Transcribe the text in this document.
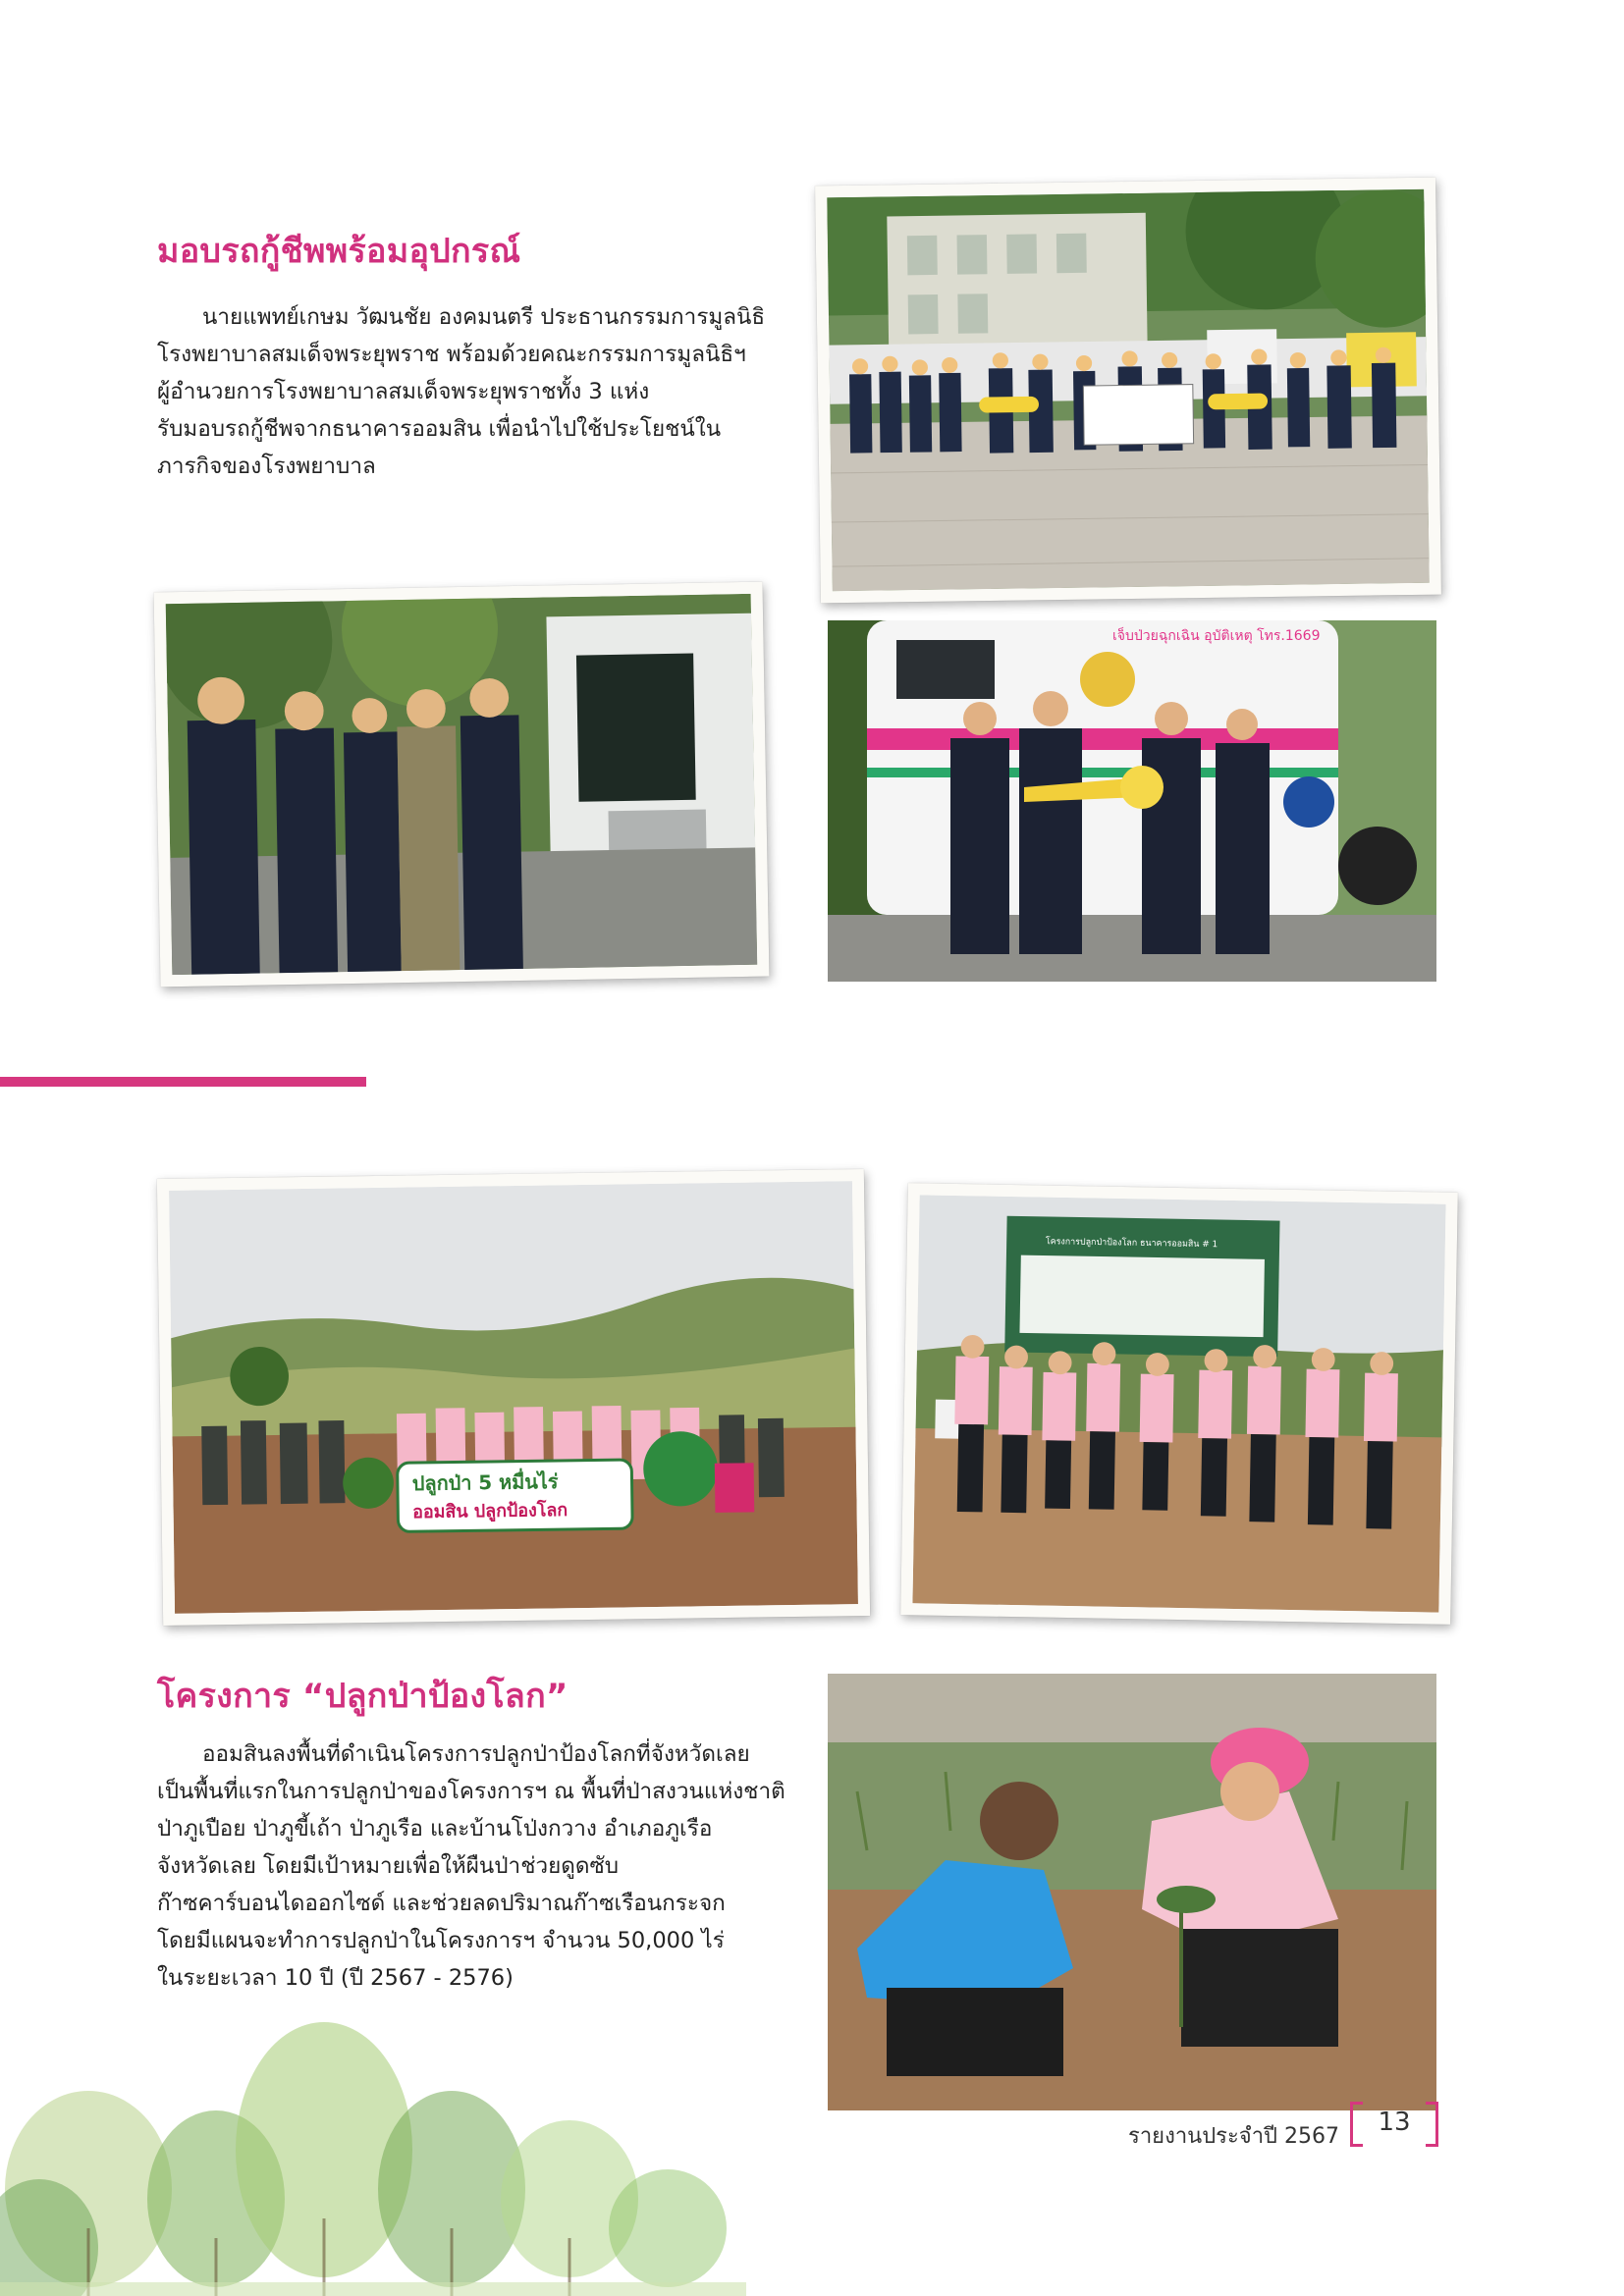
มอบรถกู้ชีพพร้อมอุปกรณ์
นายแพทย์เกษม วัฒนชัย องคมนตรี ประธานกรรมการมูลนิธิ
โรงพยาบาลสมเด็จพระยุพราช พร้อมด้วยคณะกรรมการมูลนิธิฯ
ผู้อำนวยการโรงพยาบาลสมเด็จพระยุพราชทั้ง 3 แห่ง
รับมอบรถกู้ชีพจากธนาคารออมสิน เพื่อนำไปใช้ประโยชน์ใน
ภารกิจของโรงพยาบาล
เจ็บป่วยฉุกเฉิน อุบัติเหตุ โทร.1669
ปลูกป่า 5 หมื่นไร่
ออมสิน ปลูกป้องโลก
โครงการปลูกป่าป้องโลก ธนาคารออมสิน # 1
โครงการ “ปลูกป่าป้องโลก”
ออมสินลงพื้นที่ดำเนินโครงการปลูกป่าป้องโลกที่จังหวัดเลย
เป็นพื้นที่แรกในการปลูกป่าของโครงการฯ ณ พื้นที่ป่าสงวนแห่งชาติ
ป่าภูเปือย ป่าภูขี้เถ้า ป่าภูเรือ และบ้านโป่งกวาง อำเภอภูเรือ
จังหวัดเลย โดยมีเป้าหมายเพื่อให้ผืนป่าช่วยดูดซับ
ก๊าซคาร์บอนไดออกไซด์ และช่วยลดปริมาณก๊าซเรือนกระจก
โดยมีแผนจะทำการปลูกป่าในโครงการฯ จำนวน 50,000 ไร่
ในระยะเวลา 10 ปี (ปี 2567 - 2576)

รายงานประจำปี 2567	13
